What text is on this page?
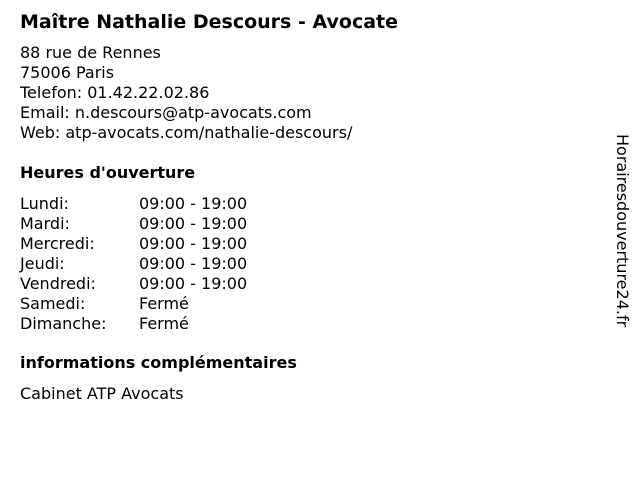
Maître Nathalie Descours - Avocate
88 rue de Rennes
75006 Paris
Telefon: 01.42.22.02.86
Email: n.descours@atp-avocats.com
Web: atp-avocats.com/nathalie-descours/
Heures d'ouverture
Lundi:	09:00 - 19:00
Mardi:	09:00 - 19:00
Mercredi:	09:00 - 19:00
Jeudi:	09:00 - 19:00
Vendredi:	09:00 - 19:00
Samedi:	Fermé
Dimanche:	Fermé
informations complémentaires
Cabinet ATP Avocats
Horairesdouverture24.fr
